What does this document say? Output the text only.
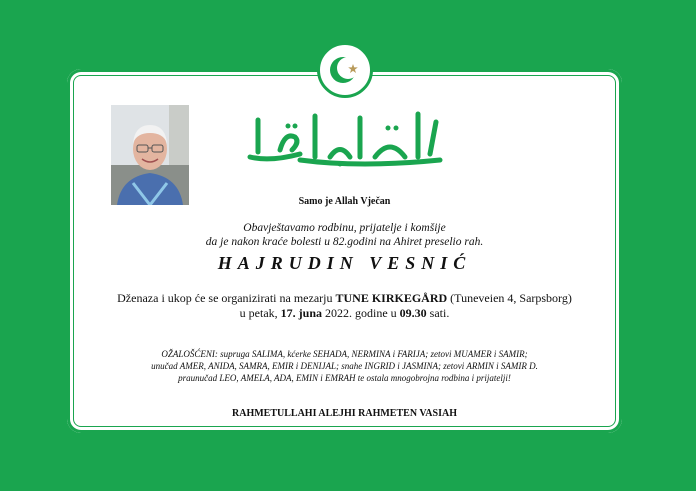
Samo je Allah Vječan
Obavještavamo rodbinu, prijatelje i komšije
da je nakon kraće bolesti u 82.godini na Ahiret preselio rah.
HAJRUDIN VESNIĆ
Dženaza i ukop će se organizirati na mezarju TUNE KIRKEGÅRD (Tuneveien 4, Sarpsborg)
u petak, 17. juna 2022. godine u 09.30 sati.
OŽALOŠĆENI: supruga SALIMA, kćerke SEHADA, NERMINA i FARIJA; zetovi MUAMER i SAMIR;
unučad AMER, ANIDA, SAMRA, EMIR i DENIJAL; snahe INGRID i JASMINA; zetovi ARMIN i SAMIR D.
praunučad LEO, AMELA, ADA, EMIN i EMRAH te ostala mnogobrojna rodbina i prijatelji!
RAHMETULLAHI ALEJHI RAHMETEN VASIAH
